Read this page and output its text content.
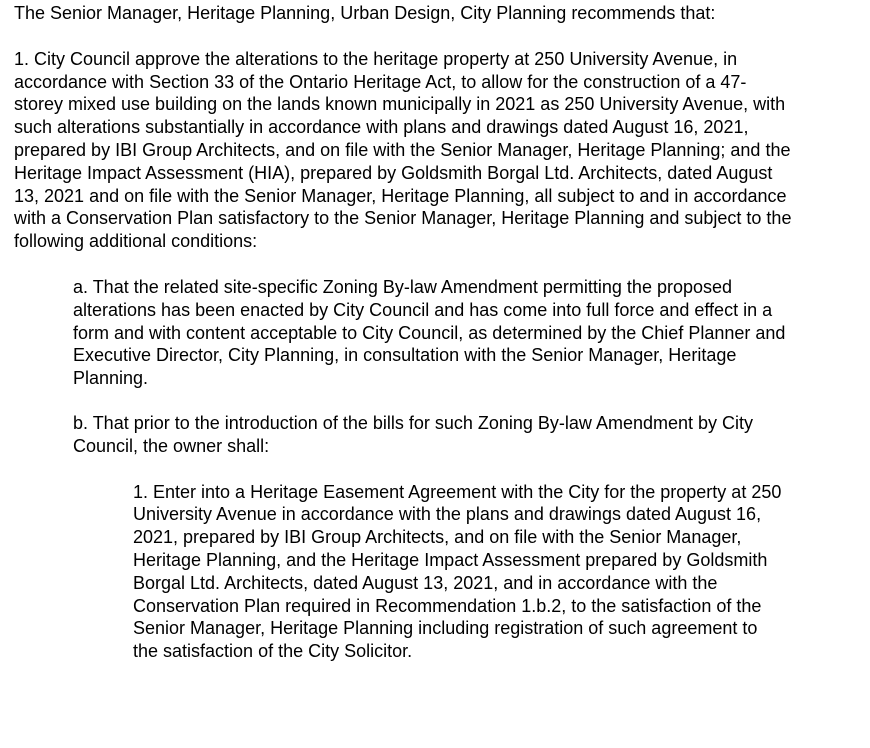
The Senior Manager, Heritage Planning, Urban Design, City Planning recommends that:

1. City Council approve the alterations to the heritage property at 250 University Avenue, in accordance with Section 33 of the Ontario Heritage Act, to allow for the construction of a 47-storey mixed use building on the lands known municipally in 2021 as 250 University Avenue, with such alterations substantially in accordance with plans and drawings dated August 16, 2021, prepared by IBI Group Architects, and on file with the Senior Manager, Heritage Planning; and the Heritage Impact Assessment (HIA), prepared by Goldsmith Borgal Ltd. Architects, dated August 13, 2021 and on file with the Senior Manager, Heritage Planning, all subject to and in accordance with a Conservation Plan satisfactory to the Senior Manager, Heritage Planning and subject to the following additional conditions:

a. That the related site-specific Zoning By-law Amendment permitting the proposed alterations has been enacted by City Council and has come into full force and effect in a form and with content acceptable to City Council, as determined by the Chief Planner and Executive Director, City Planning, in consultation with the Senior Manager, Heritage Planning.

b. That prior to the introduction of the bills for such Zoning By-law Amendment by City Council, the owner shall:

1. Enter into a Heritage Easement Agreement with the City for the property at 250 University Avenue in accordance with the plans and drawings dated August 16, 2021, prepared by IBI Group Architects, and on file with the Senior Manager, Heritage Planning, and the Heritage Impact Assessment prepared by Goldsmith Borgal Ltd. Architects, dated August 13, 2021, and in accordance with the Conservation Plan required in Recommendation 1.b.2, to the satisfaction of the Senior Manager, Heritage Planning including registration of such agreement to the satisfaction of the City Solicitor.
